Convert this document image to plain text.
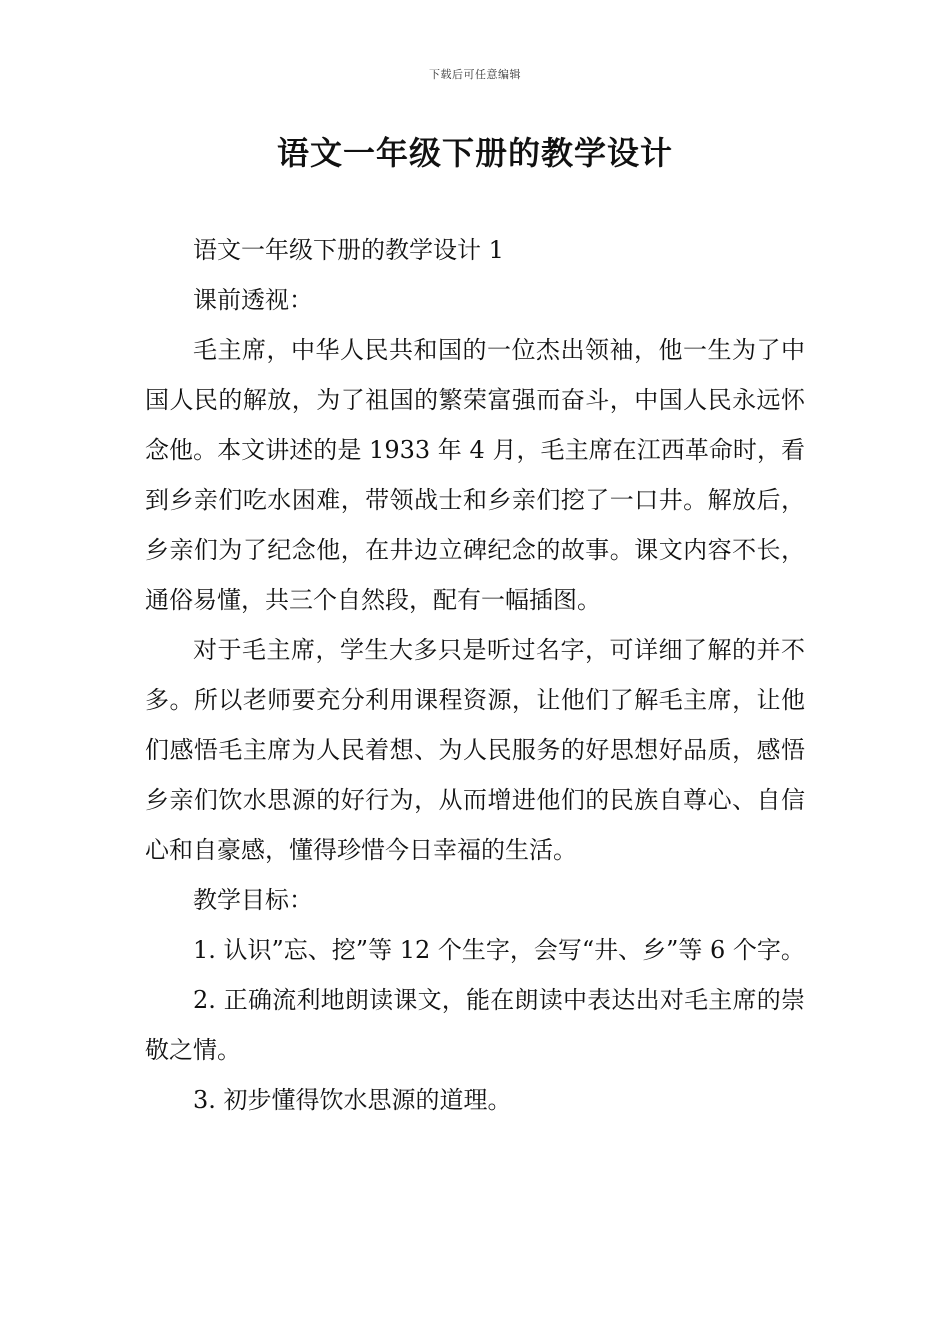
下载后可任意编辑
语文一年级下册的教学设计

语文一年级下册的教学设计 1

课前透视：

毛主席，中华人民共和国的一位杰出领袖，他一生为了中国人民的解放，为了祖国的繁荣富强而奋斗，中国人民永远怀念他。本文讲述的是 1933 年 4 月，毛主席在江西革命时，看到乡亲们吃水困难，带领战士和乡亲们挖了一口井。解放后，乡亲们为了纪念他，在井边立碑纪念的故事。课文内容不长，通俗易懂，共三个自然段，配有一幅插图。

对于毛主席，学生大多只是听过名字，可详细了解的并不多。所以老师要充分利用课程资源，让他们了解毛主席，让他们感悟毛主席为人民着想、为人民服务的好思想好品质，感悟乡亲们饮水思源的好行为，从而增进他们的民族自尊心、自信心和自豪感，懂得珍惜今日幸福的生活。

教学目标：

1. 认识”忘、挖”等 12 个生字，会写“井、乡”等 6 个字。

2. 正确流利地朗读课文，能在朗读中表达出对毛主席的崇敬之情。

3. 初步懂得饮水思源的道理。
